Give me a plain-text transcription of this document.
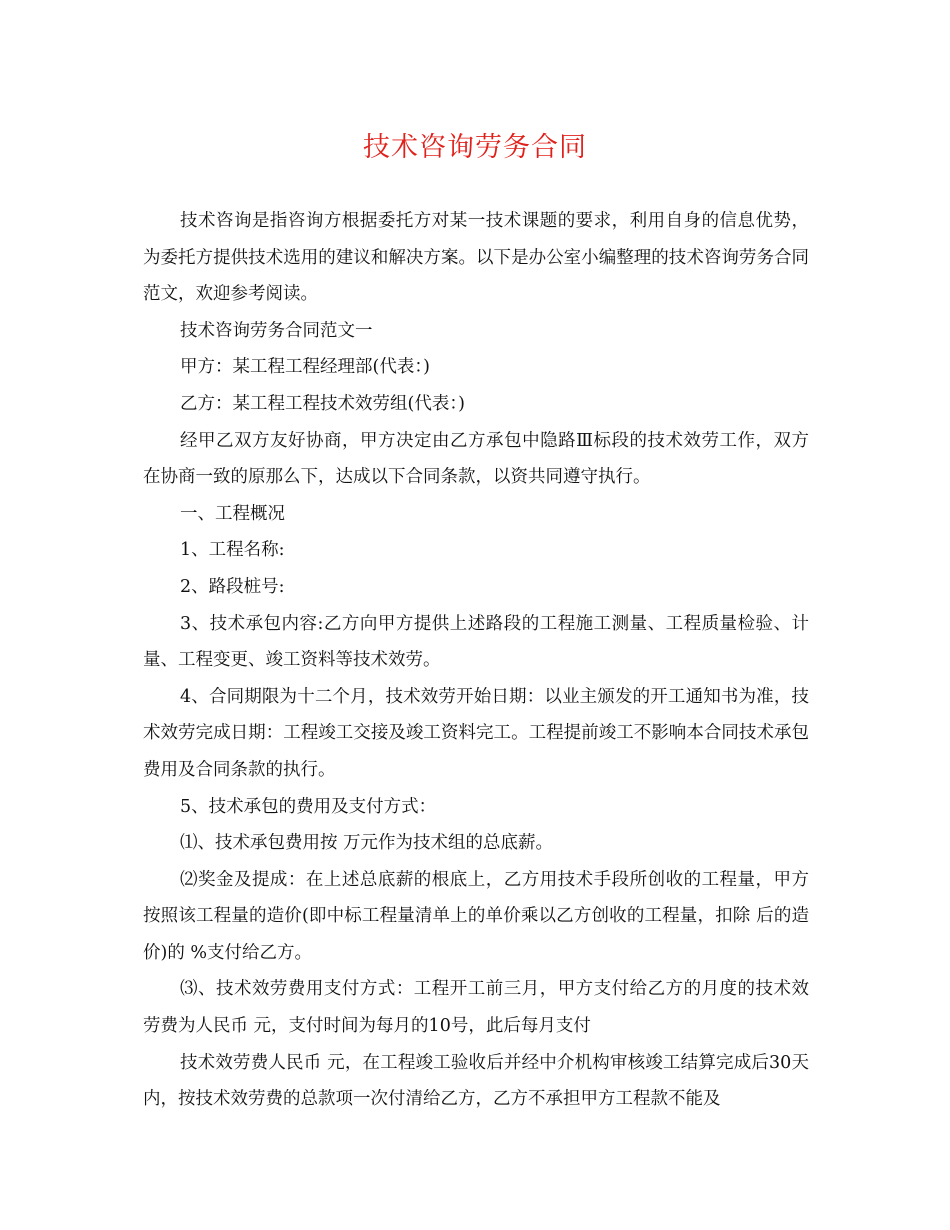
技术咨询劳务合同

技术咨询是指咨询方根据委托方对某一技术课题的要求，利用自身的信息优势，为委托方提供技术选用的建议和解决方案。以下是办公室小编整理的技术咨询劳务合同范文，欢迎参考阅读。

技术咨询劳务合同范文一

甲方：某工程工程经理部(代表：)

乙方：某工程工程技术效劳组(代表：)

经甲乙双方友好协商，甲方决定由乙方承包中隐路Ⅲ标段的技术效劳工作，双方在协商一致的原那么下，达成以下合同条款，以资共同遵守执行。

一、工程概况

1、工程名称:

2、路段桩号:

3、技术承包内容:乙方向甲方提供上述路段的工程施工测量、工程质量检验、计量、工程变更、竣工资料等技术效劳。

4、合同期限为十二个月，技术效劳开始日期：以业主颁发的开工通知书为准，技术效劳完成日期：工程竣工交接及竣工资料完工。工程提前竣工不影响本合同技术承包费用及合同条款的执行。

5、技术承包的费用及支付方式：

⑴、技术承包费用按 万元作为技术组的总底薪。

⑵奖金及提成：在上述总底薪的根底上，乙方用技术手段所创收的工程量，甲方按照该工程量的造价(即中标工程量清单上的单价乘以乙方创收的工程量，扣除 后的造价)的 %支付给乙方。

⑶、技术效劳费用支付方式：工程开工前三月，甲方支付给乙方的月度的技术效劳费为人民币 元，支付时间为每月的10号，此后每月支付

技术效劳费人民币 元，在工程竣工验收后并经中介机构审核竣工结算完成后30天内，按技术效劳费的总款项一次付清给乙方，乙方不承担甲方工程款不能及
